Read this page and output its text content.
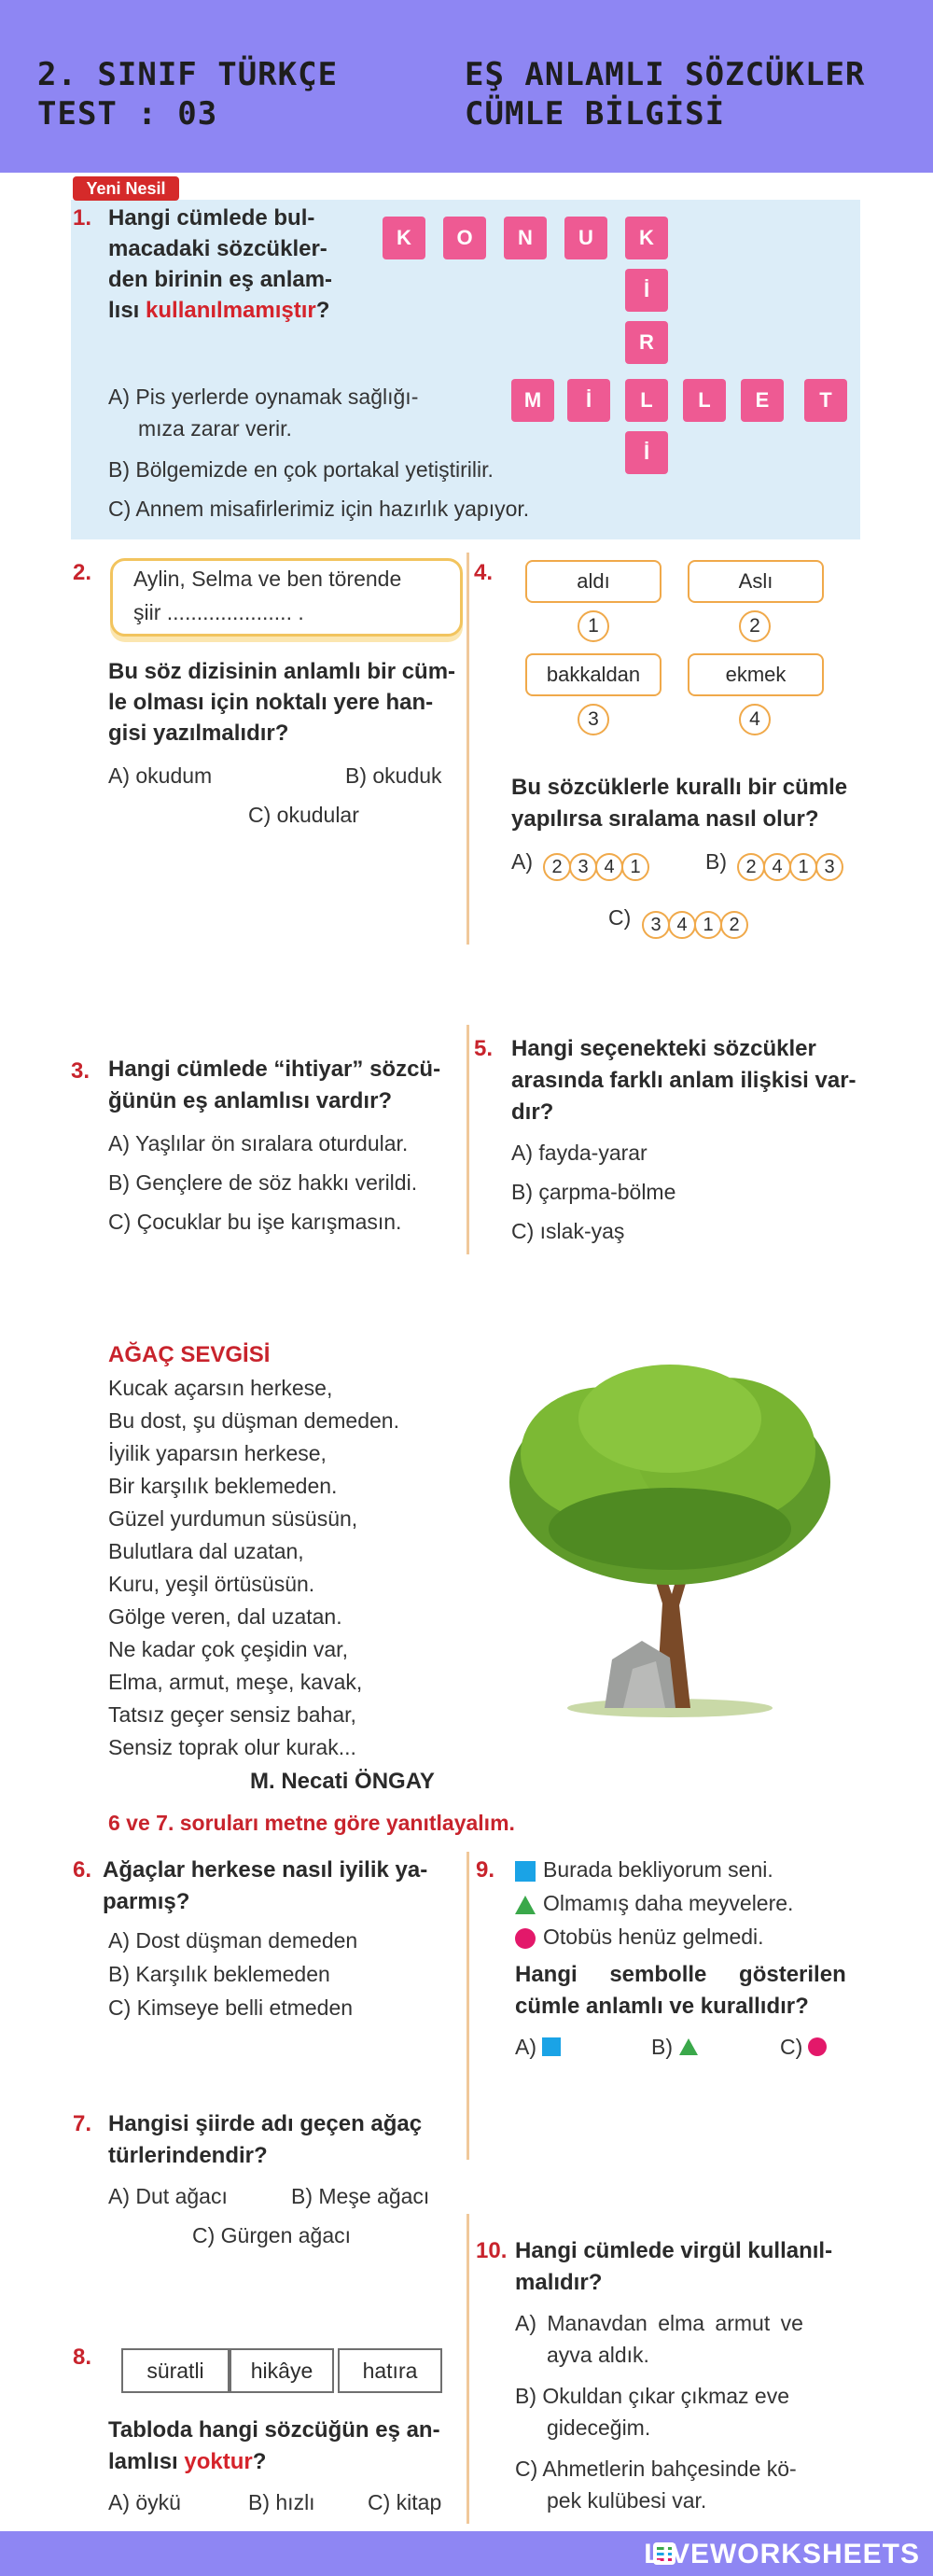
2. SINIF TÜRKÇE
TEST : 03
EŞ ANLAMLI SÖZCÜKLER
CÜMLE BİLGİSİ
Yeni Nesil
1. Hangi cümlede bul-
macadaki sözcükler-
den birinin eş anlam-
lısı kullanılmamıştır?
K	O	N	U	K
İ
R
M	İ	L	L	E	T
İ
A) Pis yerlerde oynamak sağlığı-
mıza zarar verir.
B) Bölgemizde en çok portakal yetiştirilir.
C) Annem misafirlerimiz için hazırlık yapıyor.
2. Aylin, Selma ve ben törende
şiir ..................... .
Bu söz dizisinin anlamlı bir cüm-
le olması için noktalı yere han-
gisi yazılmalıdır?
A) okudum	B) okuduk
C) okudular
4.	aldı	Aslı
1	2
bakkaldan	ekmek
3	4
Bu sözcüklerle kurallı bir cümle
yapılırsa sıralama nasıl olur?
A)	2 3 4 1	B)	2 4 1 3
C)	3 4 1 2
3. Hangi cümlede “ihtiyar” sözcü-
ğünün eş anlamlısı vardır?
A) Yaşlılar ön sıralara oturdular.
B) Gençlere de söz hakkı verildi.
C) Çocuklar bu işe karışmasın.
5. Hangi seçenekteki sözcükler
arasında farklı anlam ilişkisi var-
dır?
A) fayda-yarar
B) çarpma-bölme
C) ıslak-yaş
AĞAÇ SEVGİSİ
Kucak açarsın herkese,
Bu dost, şu düşman demeden.
İyilik yaparsın herkese,
Bir karşılık beklemeden.
Güzel yurdumun süsüsün,
Bulutlara dal uzatan,
Kuru, yeşil örtüsüsün.
Gölge veren, dal uzatan.
Ne kadar çok çeşidin var,
Elma, armut, meşe, kavak,
Tatsız geçer sensiz bahar,
Sensiz toprak olur kurak...
M. Necati ÖNGAY
6 ve 7. soruları metne göre yanıtlayalım.
6. Ağaçlar herkese nasıl iyilik ya-
parmış?
A) Dost düşman demeden
B) Karşılık beklemeden
C) Kimseye belli etmeden
9. Burada bekliyorum seni.
Olmamış daha meyvelere.
Otobüs henüz gelmedi.
Hangi sembolle gösterilen
cümle anlamlı ve kurallıdır?
A)	B)	C)
7. Hangisi şiirde adı geçen ağaç
türlerindendir?
A) Dut ağacı	B) Meşe ağacı
C) Gürgen ağacı
8.
süratli	hikâye	hatıra
Tabloda hangi sözcüğün eş an-
lamlısı yoktur?
A) öykü	B) hızlı C) kitap
10. Hangi cümlede virgül kullanıl-
malıdır?
A) Manavdan elma armut ve
ayva aldık.
B) Okuldan çıkar çıkmaz eve
gideceğim.
C) Ahmetlerin bahçesinde kö-
pek kulübesi var.
LIVEWORKSHEETS
